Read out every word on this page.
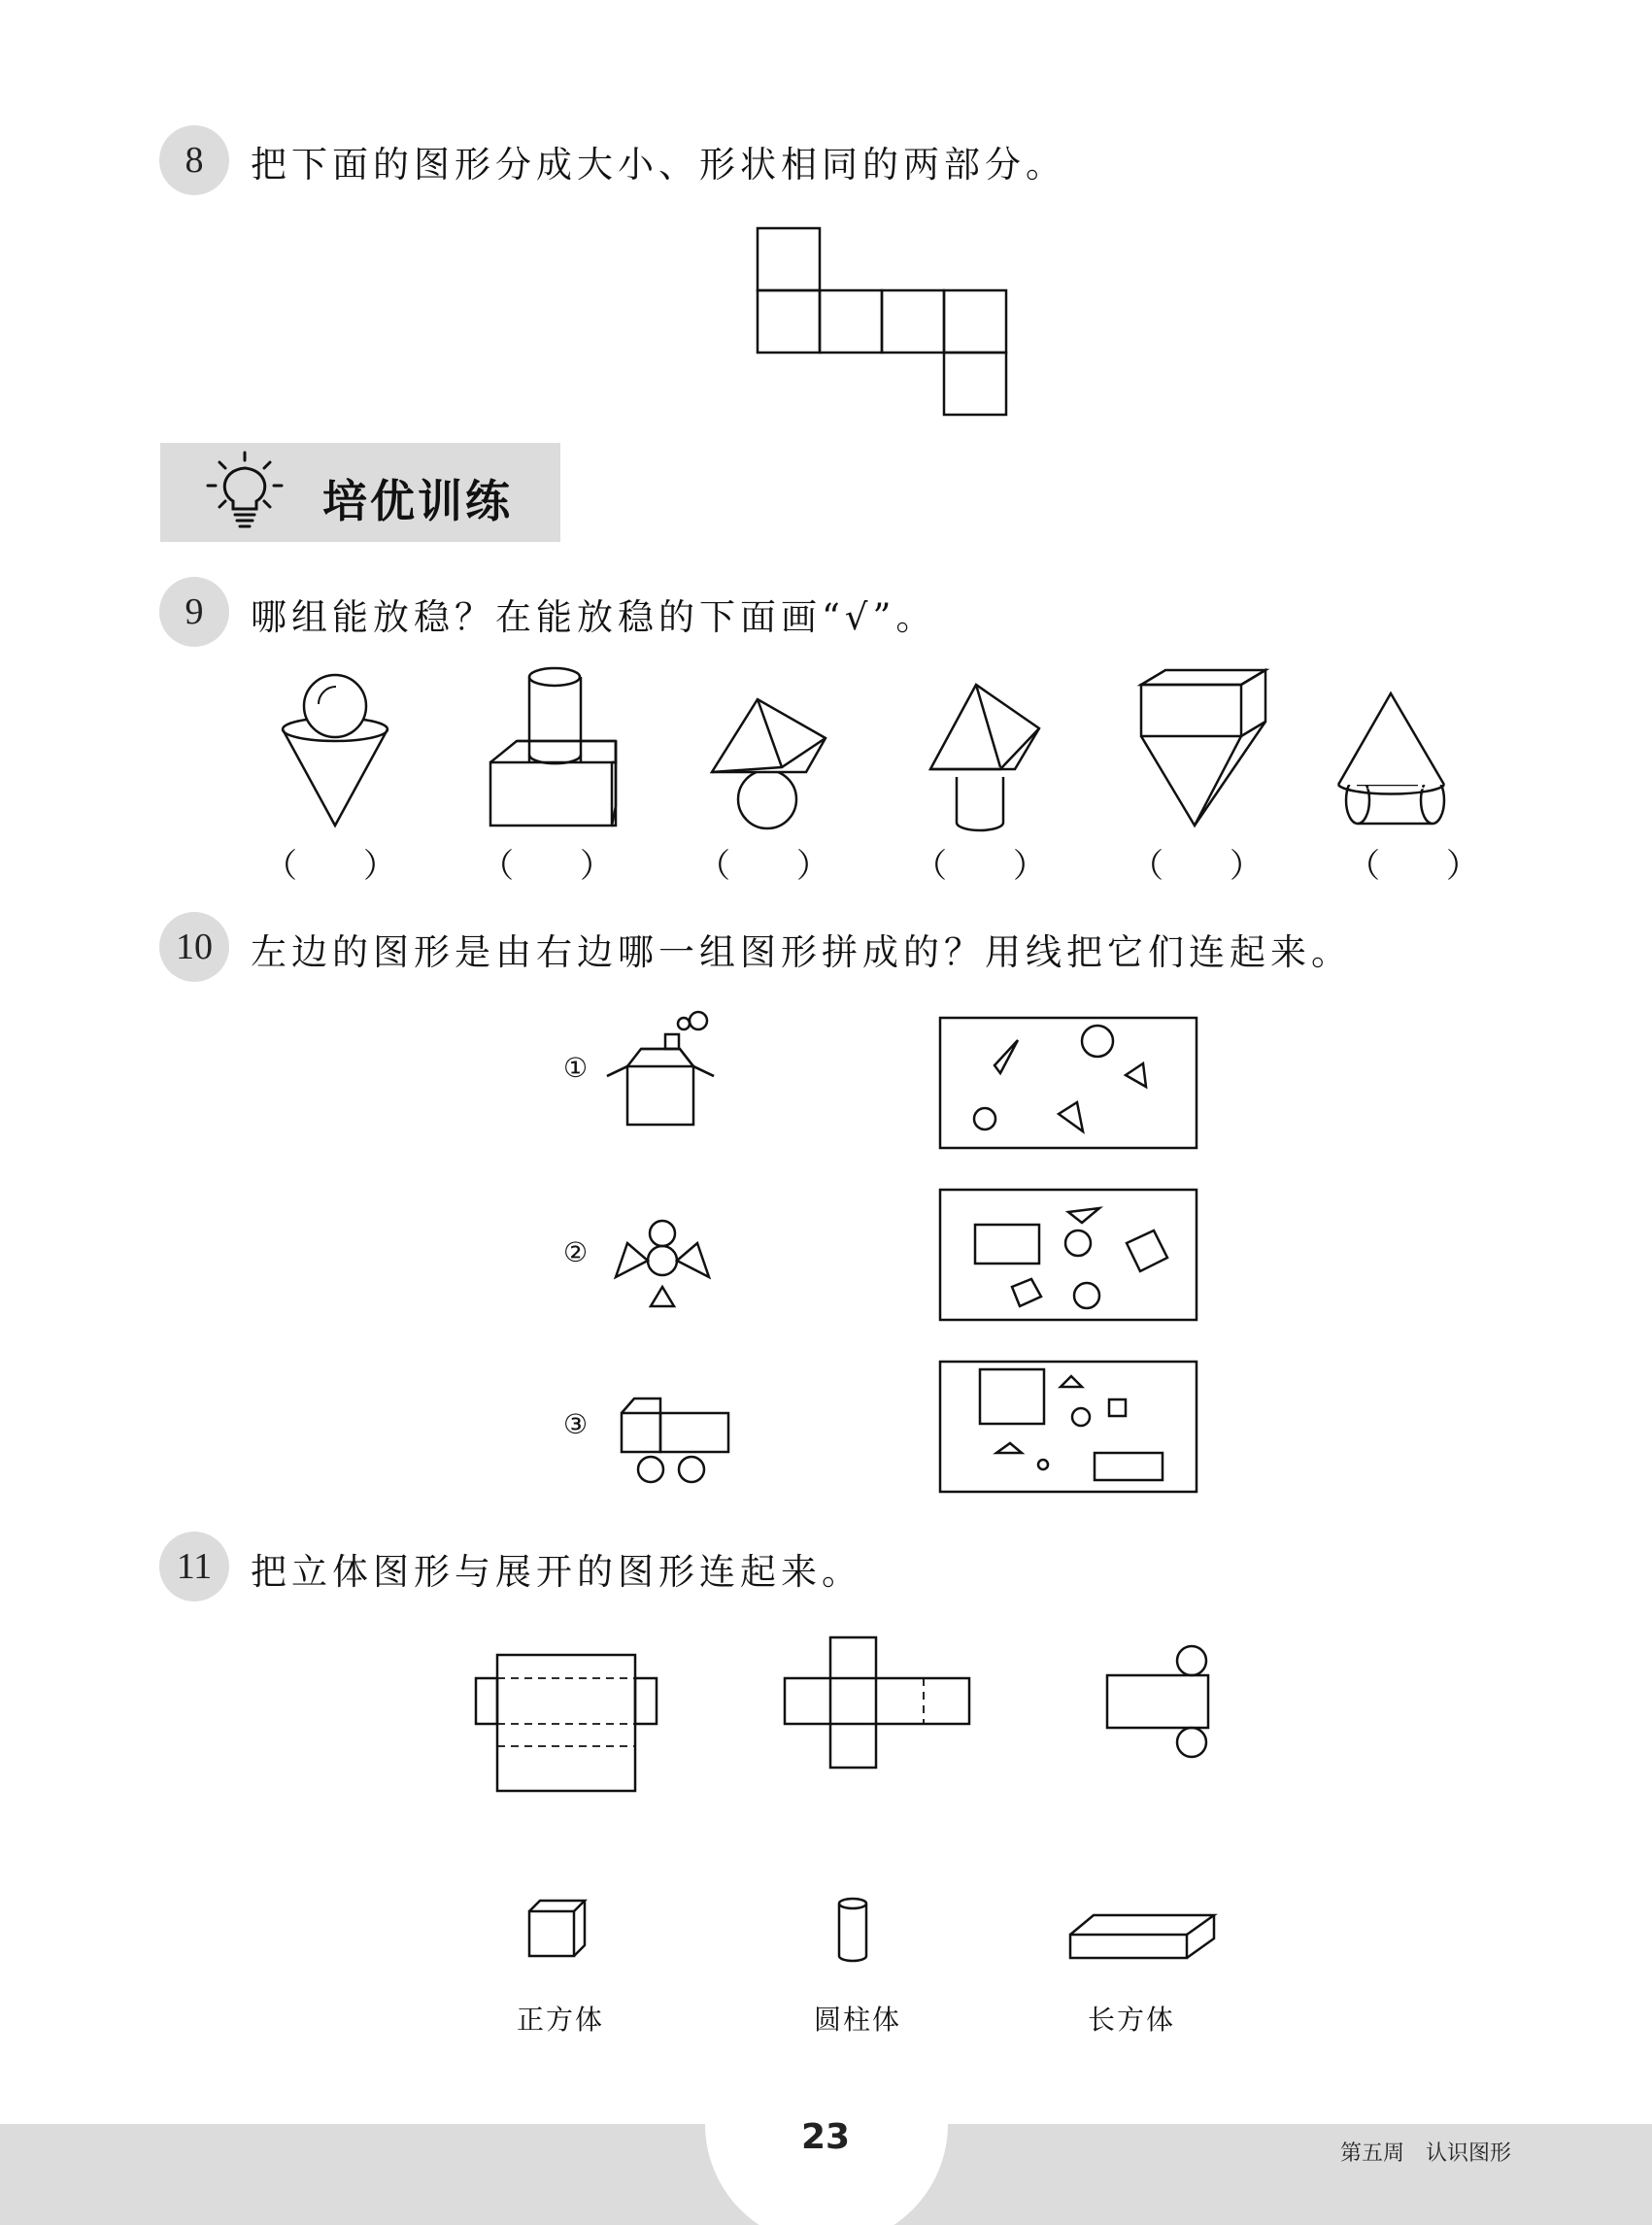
8	把下面的图形分成大小、形状相同的两部分。
培优训练
9	哪组能放稳？在能放稳的下面画“√”。
（　　）	（　　）	（　　）	（　　）	（　　）	（　　）
10	左边的图形是由右边哪一组图形拼成的？用线把它们连起来。
①
②
③
11	把立体图形与展开的图形连起来。
正方体	圆柱体	长方体
23	第五周　认识图形
